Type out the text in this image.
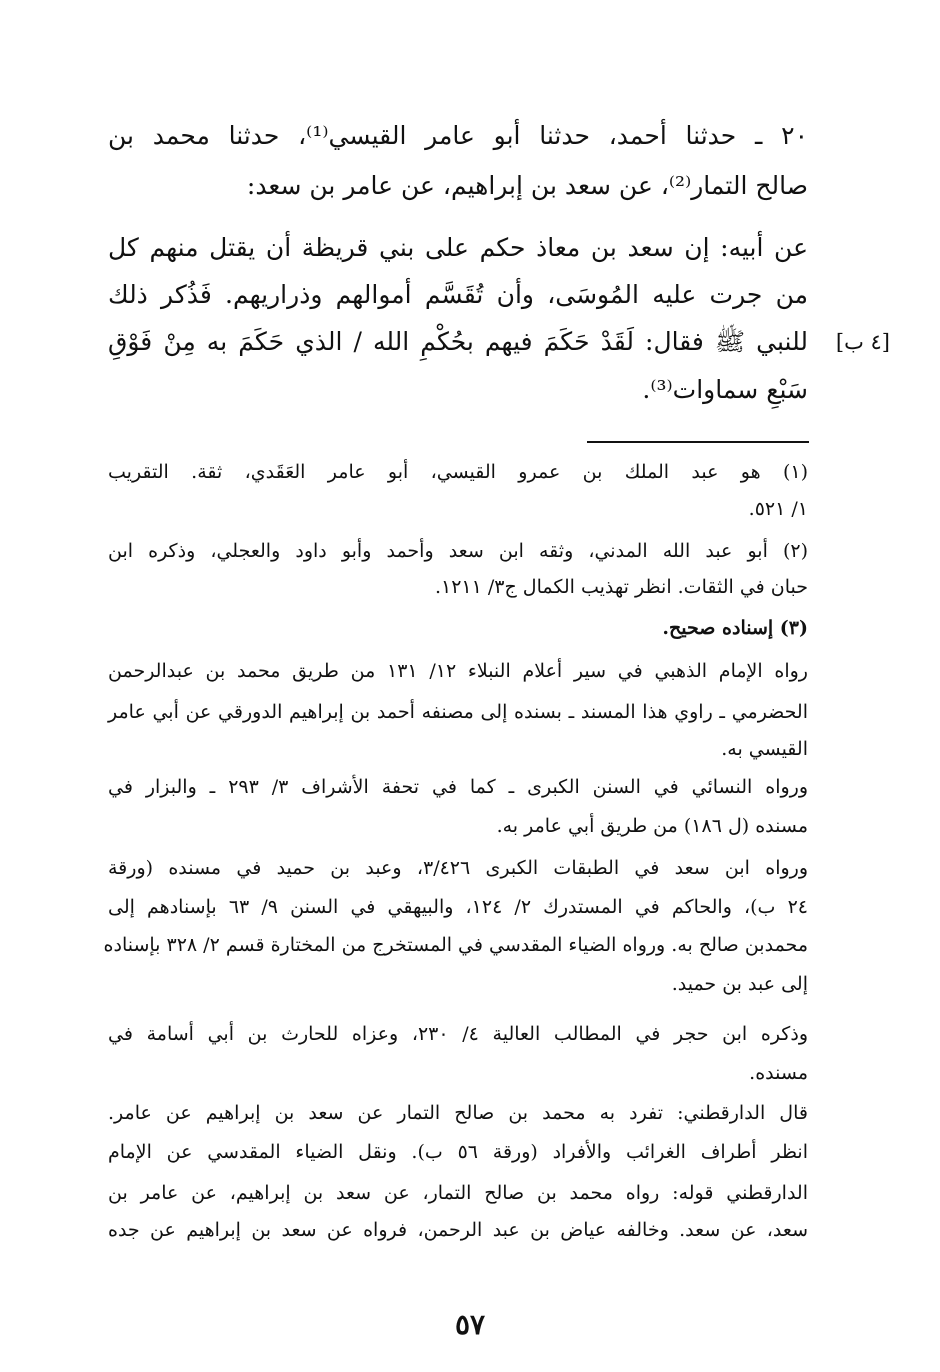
٢٠ ـ حدثنا أحمد، حدثنا أبو عامر القيسي⁽¹⁾، حدثنا محمد بن
صالح التمار⁽²⁾، عن سعد بن إبراهيم، عن عامر بن سعد:
عن أبيه: إن سعد بن معاذ حكم على بني قريظة أن يقتل منهم كل
من جرت عليه المُوسَى، وأن تُقَسَّم أموالهم وذراريهم. فَذُكر ذلك
للنبي ﷺ فقال: لَقَدْ حَكَمَ فيهم بحُكْمِ الله / الذي حَكَمَ به مِنْ فَوْقِ
سَبْعِ سماوات⁽³⁾.
[٤ ب]
(١) هو عبد الملك بن عمرو القيسي، أبو عامر العَقَدي، ثقة. التقريب
١/ ٥٢١.
(٢) أبو عبد الله المدني، وثقه ابن سعد وأحمد وأبو داود والعجلي، وذكره ابن
حبان في الثقات. انظر تهذيب الكمال ج٣/ ١٢١١.
(٣) إسناده صحيح.
رواه الإمام الذهبي في سير أعلام النبلاء ١٢/ ١٣١ من طريق محمد بن عبدالرحمن
الحضرمي ـ راوي هذا المسند ـ بسنده إلى مصنفه أحمد بن إبراهيم الدورقي عن أبي عامر
القيسي به.
ورواه النسائي في السنن الكبرى ـ كما في تحفة الأشراف ٣/ ٢٩٣ ـ والبزار في
مسنده (ل ١٨٦) من طريق أبي عامر به.
ورواه ابن سعد في الطبقات الكبرى ٣/٤٢٦، وعبد بن حميد في مسنده (ورقة
٢٤ ب)، والحاكم في المستدرك ٢/ ١٢٤، والبيهقي في السنن ٩/ ٦٣ بإسنادهم إلى
محمدبن صالح به. ورواه الضياء المقدسي في المستخرج من المختارة قسم ٢/ ٣٢٨ بإسناده
إلى عبد بن حميد.
وذكره ابن حجر في المطالب العالية ٤/ ٢٣٠، وعزاه للحارث بن أبي أسامة في
مسنده.
قال الدارقطني: تفرد به محمد بن صالح التمار عن سعد بن إبراهيم عن عامر.
انظر أطراف الغرائب والأفراد (ورقة ٥٦ ب). ونقل الضياء المقدسي عن الإمام
الدارقطني قوله: رواه محمد بن صالح التمار، عن سعد بن إبراهيم، عن عامر بن
سعد، عن سعد. وخالفه عياض بن عبد الرحمن، فرواه عن سعد بن إبراهيم عن جده
٥٧
